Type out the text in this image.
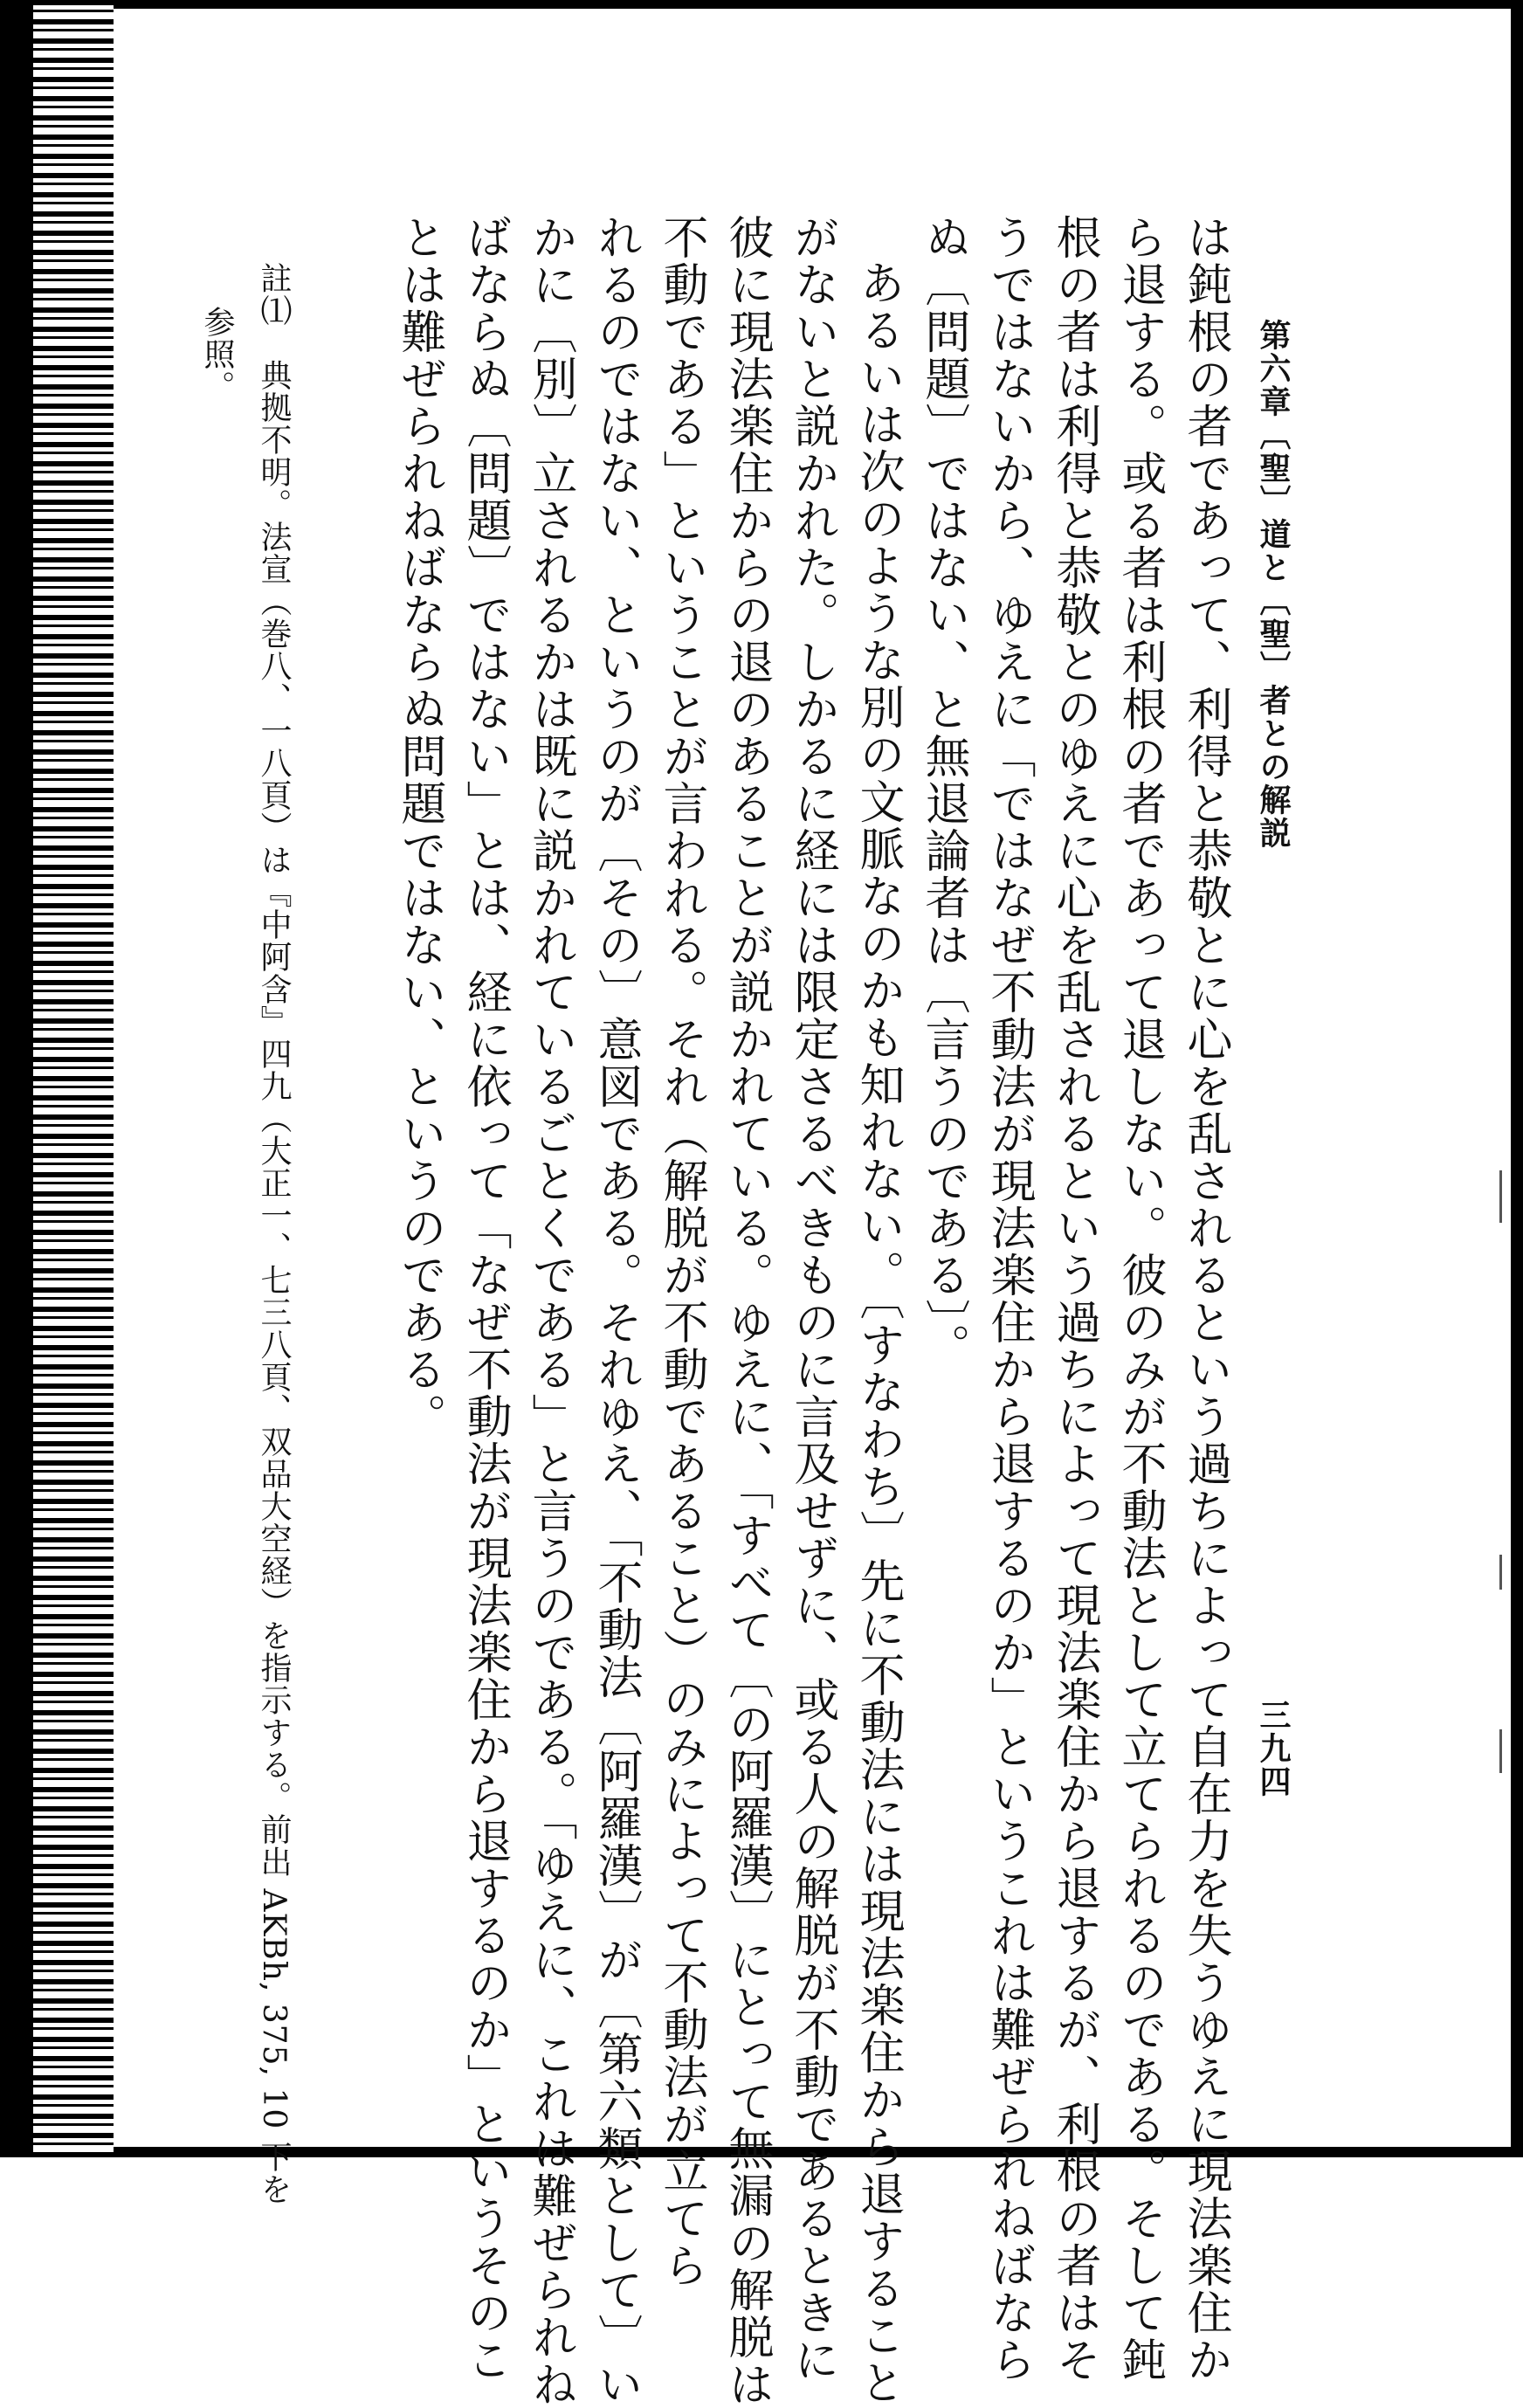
第六章〔聖〕道と〔聖〕者との解説
三九四
は鈍根の者であって、利得と恭敬とに心を乱されるという過ちによって自在力を失うゆえに現法楽住か
ら退する。或る者は利根の者であって退しない。彼のみが不動法として立てられるのである。そして鈍
根の者は利得と恭敬とのゆえに心を乱されるという過ちによって現法楽住から退するが、利根の者はそ
うではないから、ゆえに「ではなぜ不動法が現法楽住から退するのか」というこれは難ぜられねばなら
ぬ〔問題〕ではない、と無退論者は〔言うのである〕。
あるいは次のような別の文脈なのかも知れない。〔すなわち〕先に不動法には現法楽住から退すること
がないと説かれた。しかるに経には限定さるべきものに言及せずに、或る人の解脱が不動であるときに
彼に現法楽住からの退のあることが説かれている。ゆえに、「すべて〔の阿羅漢〕にとって無漏の解脱は
不動である」ということが言われる。それ（解脱が不動であること）のみによって不動法が立てら
れるのではない、というのが〔その〕意図である。それゆえ、「不動法〔阿羅漢〕が〔第六類として〕い
かに〔別〕立されるかは既に説かれているごとくである」と言うのである。「ゆえに、これは難ぜられね
ばならぬ〔問題〕ではない」とは、経に依って「なぜ不動法が現法楽住から退するのか」というそのこ
とは難ぜられねばならぬ問題ではない、というのである。
註⑴　典拠不明。法宣（巻八、一八頁）は『中阿含』四九（大正一、七三八頁、双品大空経）を指示する。前出 AKBh, 375, 10 下を
参照。
